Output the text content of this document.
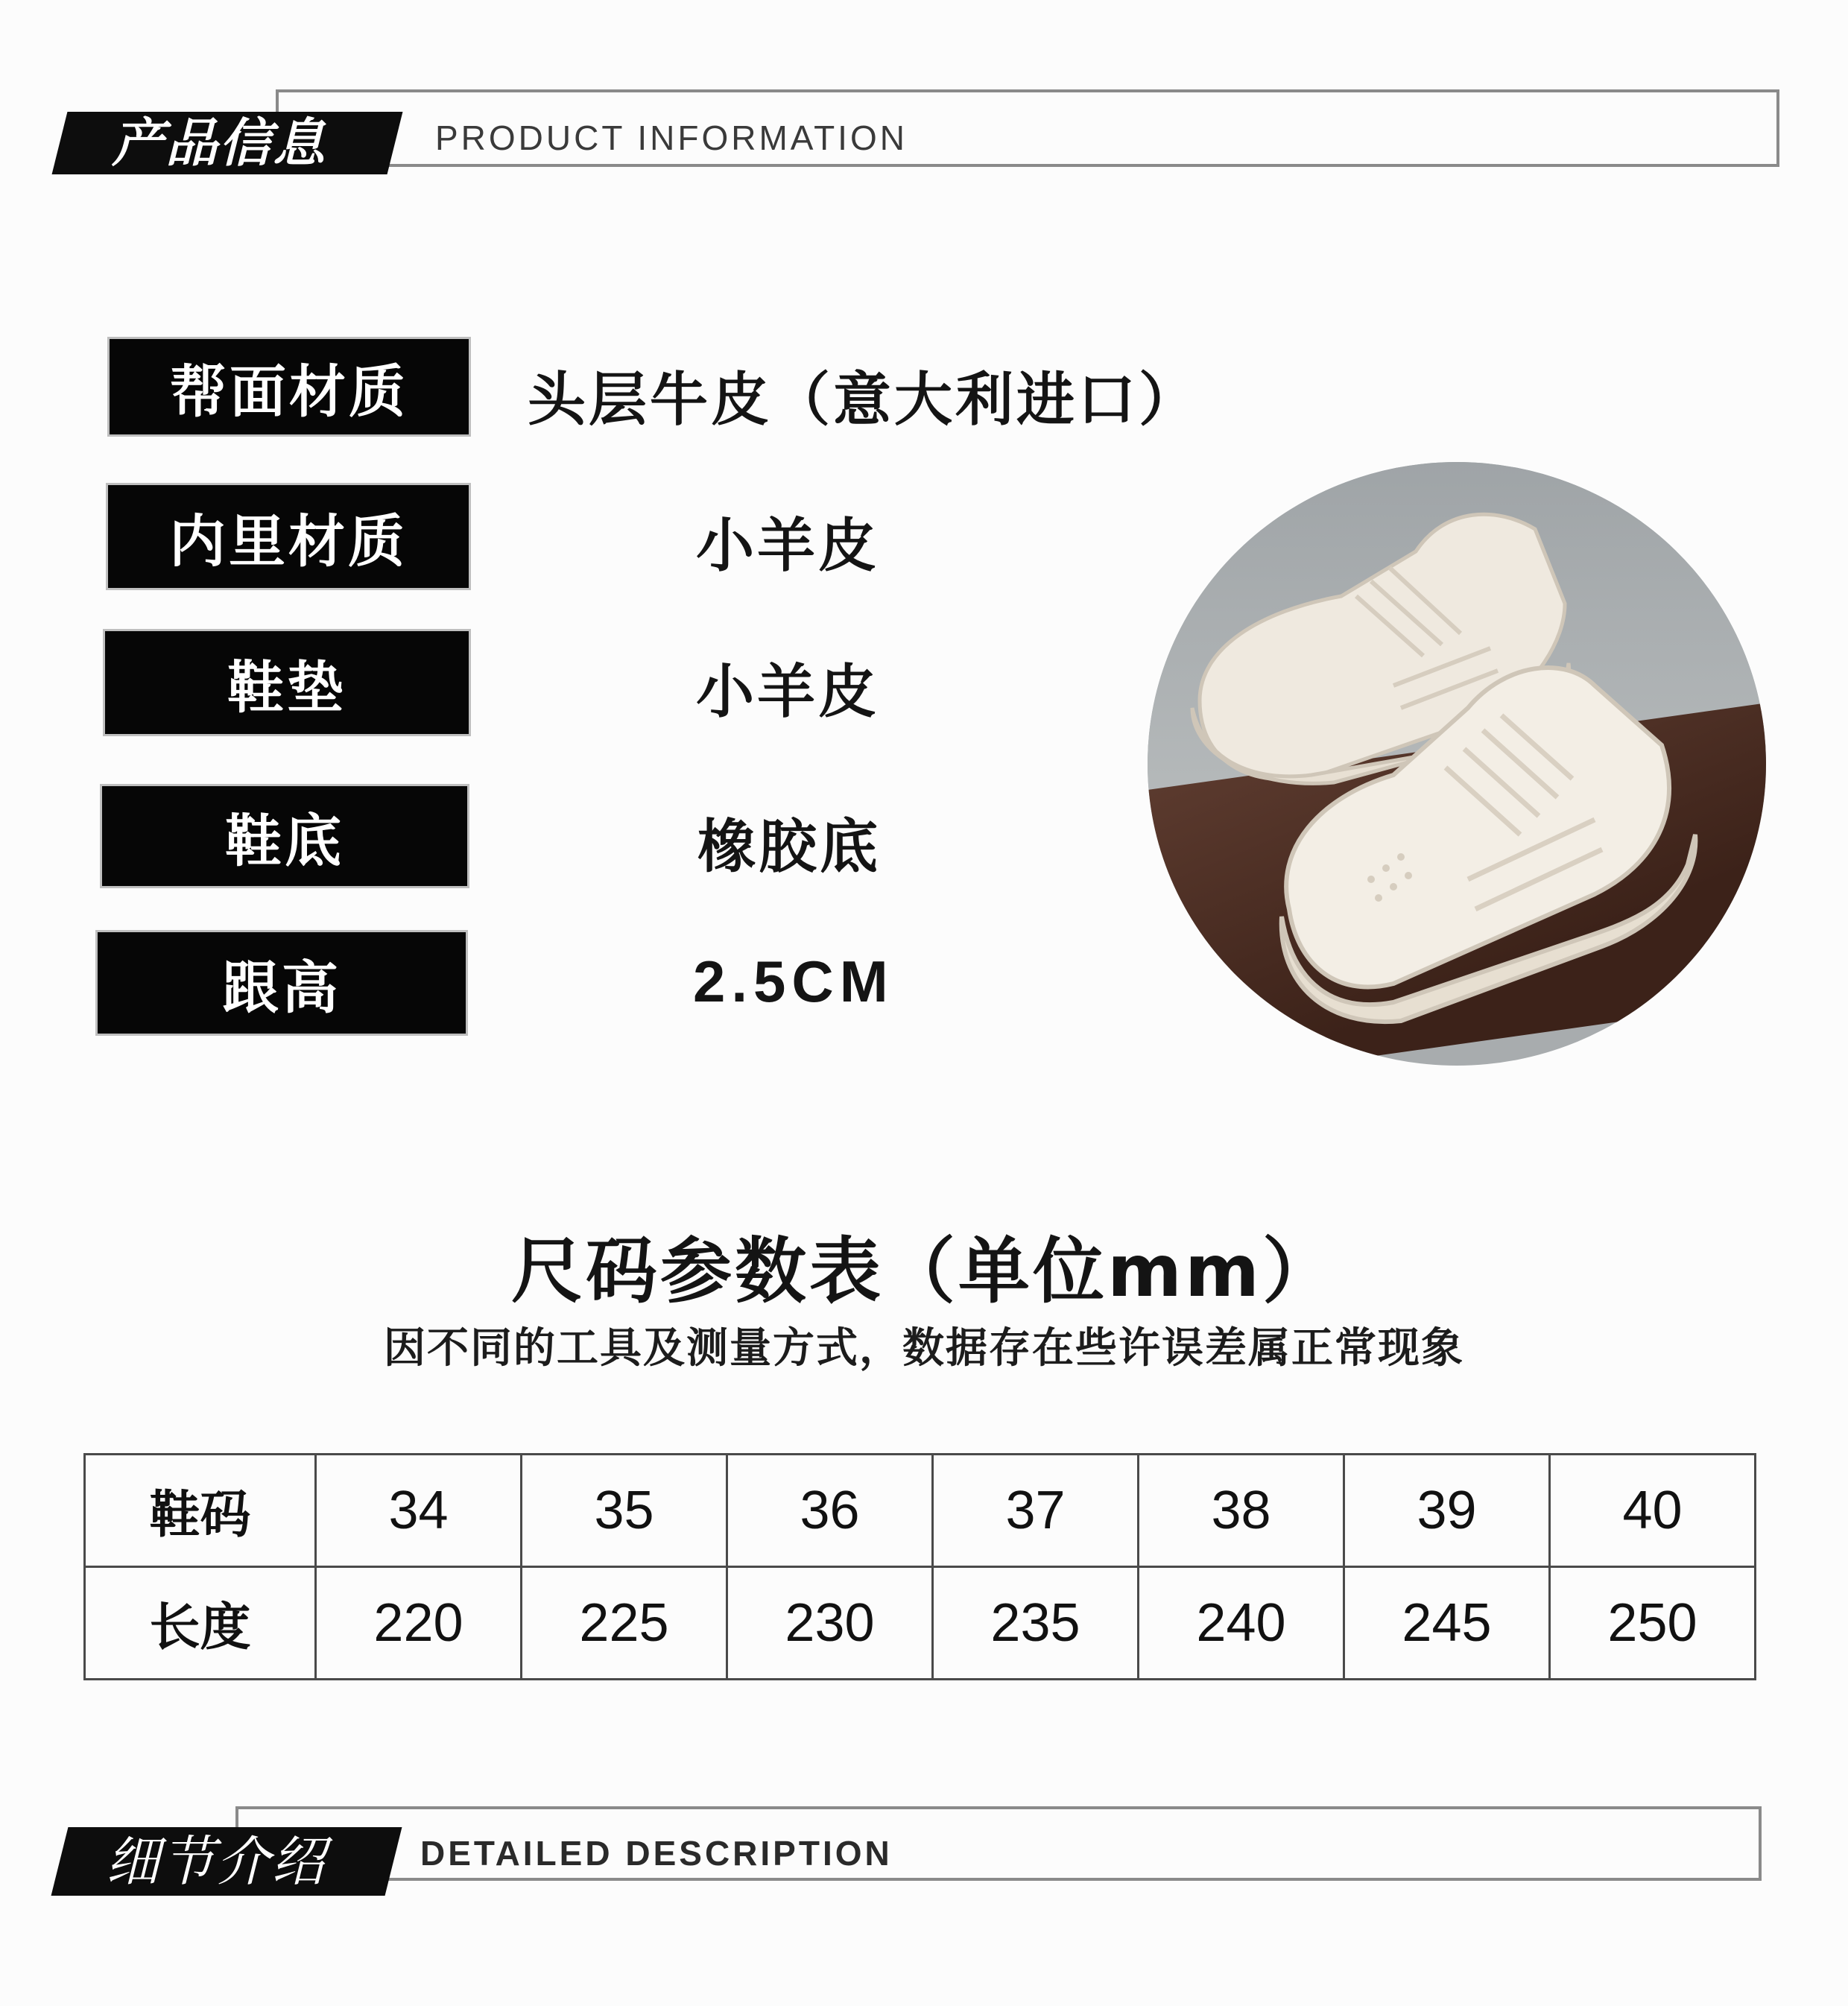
产品信息	PRODUCT INFORMATION
帮面材质	头层牛皮（意大利进口）
内里材质	小羊皮
鞋垫	小羊皮
鞋底	橡胶底
跟高	2.5CM
尺码参数表（单位mm）
因不同的工具及测量方式，数据存在些许误差属正常现象
鞋码	34	35	36	37	38	39	40
长度	220	225	230	235	240	245	250
细节介绍	DETAILED DESCRIPTION
